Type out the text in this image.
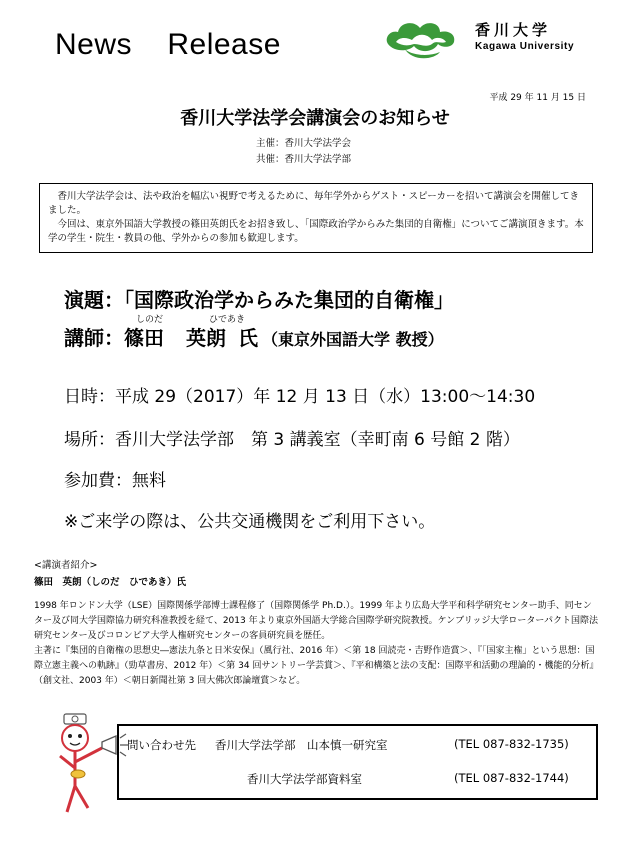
News    Release	香川大学
Kagawa University
平成 29 年 11 月 15 日
香川大学法学会講演会のお知らせ
主催：香川大学法学会
共催：香川大学法学部

香川大学法学会は、法や政治を幅広い視野で考えるために、毎年学外からゲスト・スピーカーを招いて講演会を開催してきました。

今回は、東京外国語大学教授の篠田英朗氏をお招き致し、「国際政治学からみた集団的自衛権」についてご講演頂きます。本学の学生・院生・教員の他、学外からの参加も歓迎します。

演題：「国際政治学からみた集団的自衛権」
しのだ	ひであき
講師：篠田 英朗 氏 （東京外国語大学 教授）
日時：平成 29（2017）年 12 月 13 日（水）13:00～14:30
場所：香川大学法学部　第 3 講義室（幸町南 6 号館 2 階）
参加費：無料
※ご来学の際は、公共交通機関をご利用下さい。
<講演者紹介>
篠田　英朗（しのだ　ひであき）氏

1998 年ロンドン大学（LSE）国際関係学部博士課程修了（国際関係学 Ph.D.）。1999 年より広島大学平和科学研究センター助手、同センター及び同大学国際協力研究科准教授を経て、2013 年より東京外国語大学総合国際学研究院教授。ケンブリッジ大学ローターパクト国際法研究センター及びコロンビア大学人権研究センターの客員研究員を歴任。

主著に『集団的自衛権の思想史―憲法九条と日米安保』（風行社、2016 年）＜第 18 回読売・吉野作造賞＞、『「国家主権」という思想：国際立憲主義への軌跡』（勁草書房、2012 年）＜第 34 回サントリー学芸賞＞、『平和構築と法の支配：国際平和活動の理論的・機能的分析』（創文社、2003 年）＜朝日新聞社第 3 回大佛次郎論壇賞＞など。

問い合わせ先 香川大学法学部　山本慎一研究室	(TEL 087-832-1735)
香川大学法学部資料室	(TEL 087-832-1744)
